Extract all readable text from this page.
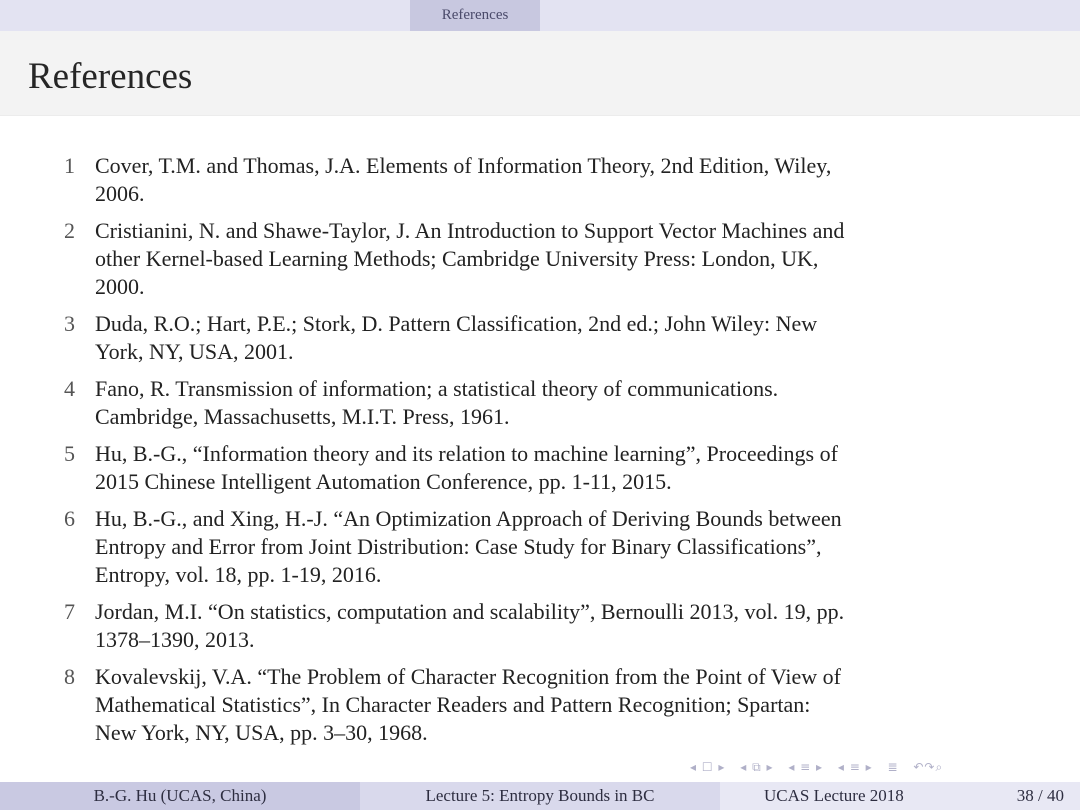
References
References
1 Cover, T.M. and Thomas, J.A. Elements of Information Theory, 2nd Edition, Wiley,
2006.
2 Cristianini, N. and Shawe-Taylor, J. An Introduction to Support Vector Machines and
other Kernel-based Learning Methods; Cambridge University Press: London, UK,
2000.
3 Duda, R.O.; Hart, P.E.; Stork, D. Pattern Classification, 2nd ed.; John Wiley: New
York, NY, USA, 2001.
4 Fano, R. Transmission of information; a statistical theory of communications.
Cambridge, Massachusetts, M.I.T. Press, 1961.
5 Hu, B.-G., “Information theory and its relation to machine learning”, Proceedings of
2015 Chinese Intelligent Automation Conference, pp. 1-11, 2015.
6 Hu, B.-G., and Xing, H.-J. “An Optimization Approach of Deriving Bounds between
Entropy and Error from Joint Distribution: Case Study for Binary Classifications”,
Entropy, vol. 18, pp. 1-19, 2016.
7 Jordan, M.I. “On statistics, computation and scalability”, Bernoulli 2013, vol. 19, pp.
1378–1390, 2013.
8 Kovalevskij, V.A. “The Problem of Character Recognition from the Point of View of
Mathematical Statistics”, In Character Readers and Pattern Recognition; Spartan:
New York, NY, USA, pp. 3–30, 1968.
◂ ☐ ▸ ◂ ⧉ ▸ ◂ ≡ ▸ ◂ ≡ ▸ ≣ ↶↷⌕
B.-G. Hu (UCAS, China)	Lecture 5: Entropy Bounds in BC	UCAS Lecture 2018	38 / 40
